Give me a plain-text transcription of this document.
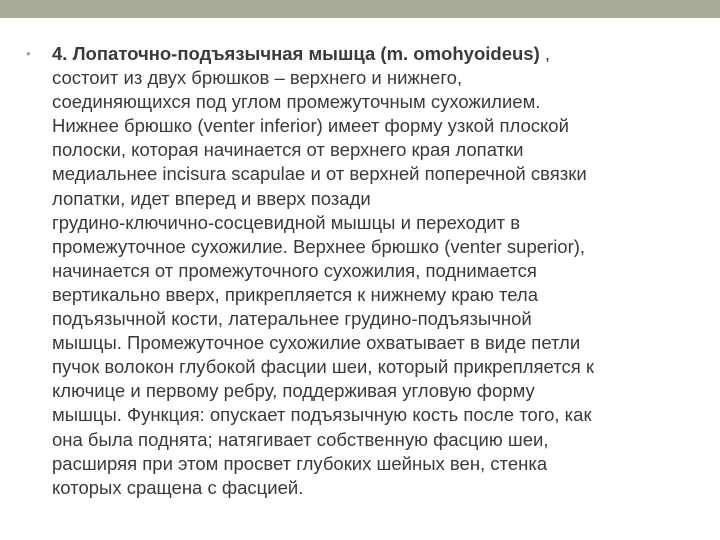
•	4. Лопаточно-подъязычная мышца (m. omohyoideus) ,
состоит из двух брюшков – верхнего и нижнего,
соединяющихся под углом промежуточным сухожилием.
Нижнее брюшко (venter inferior) имеет форму узкой плоской
полоски, которая начинается от верхнего края лопатки
медиальнее incisura scapulae и от верхней поперечной связки
лопатки, идет вперед и вверх позади
грудино-ключично-сосцевидной мышцы и переходит в
промежуточное сухожилие. Верхнее брюшко (venter superior),
начинается от промежуточного сухожилия, поднимается
вертикально вверх, прикрепляется к нижнему краю тела
подъязычной кости, латеральнее грудино-подъязычной
мышцы. Промежуточное сухожилие охватывает в виде петли
пучок волокон глубокой фасции шеи, который прикрепляется к
ключице и первому ребру, поддерживая угловую форму
мышцы. Функция: опускает подъязычную кость после того, как
она была поднята; натягивает собственную фасцию шеи,
расширяя при этом просвет глубоких шейных вен, стенка
которых сращена с фасцией.
